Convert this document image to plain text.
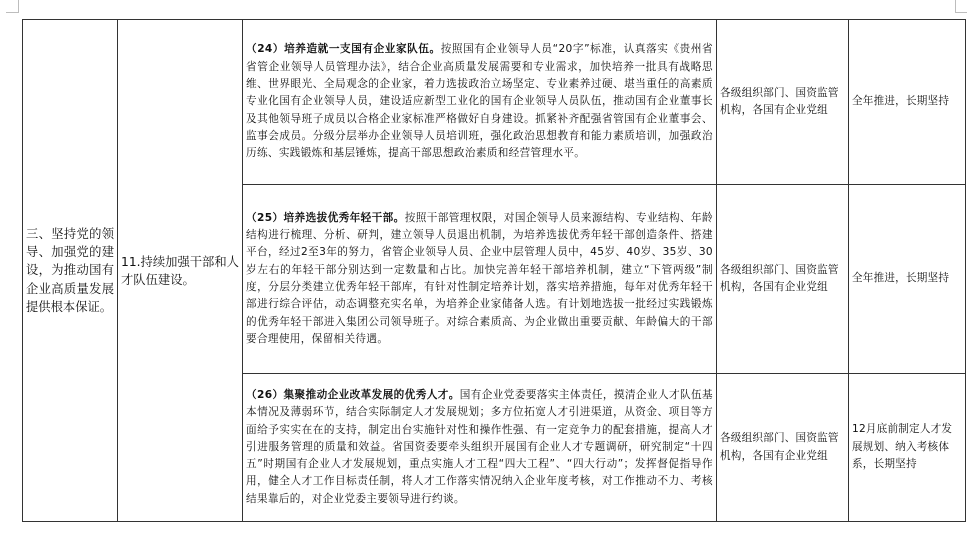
三、坚持党的领导、加强党的建设，为推动国有企业高质量发展提供根本保证。	11.持续加强干部和人才队伍建设。	（24）培养造就一支国有企业家队伍。按照国有企业领导人员“20字”标准，认真落实《贵州省省管企业领导人员管理办法》，结合企业高质量发展需要和专业需求，加快培养一批具有战略思维、世界眼光、全局观念的企业家，着力选拔政治立场坚定、专业素养过硬、堪当重任的高素质专业化国有企业领导人员，建设适应新型工业化的国有企业领导人员队伍，推动国有企业董事长及其他领导班子成员以合格企业家标准严格做好自身建设。抓紧补齐配强省管国有企业董事会、监事会成员。分级分层举办企业领导人员培训班，强化政治思想教育和能力素质培训，加强政治历练、实践锻炼和基层锤炼，提高干部思想政治素质和经营管理水平。	各级组织部门、国资监管机构，各国有企业党组	全年推进，长期坚持
		（25）培养选拔优秀年轻干部。按照干部管理权限，对国企领导人员来源结构、专业结构、年龄结构进行梳理、分析、研判，建立领导人员退出机制，为培养选拔优秀年轻干部创造条件、搭建平台，经过2至3年的努力，省管企业领导人员、企业中层管理人员中，45岁、40岁、35岁、30岁左右的年轻干部分别达到一定数量和占比。加快完善年轻干部培养机制，建立“下管两级”制度，分层分类建立优秀年轻干部库，有针对性制定培养计划，落实培养措施，每年对优秀年轻干部进行综合评估，动态调整充实名单，为培养企业家储备人选。有计划地选拔一批经过实践锻炼的优秀年轻干部进入集团公司领导班子。对综合素质高、为企业做出重要贡献、年龄偏大的干部要合理使用，保留相关待遇。	各级组织部门、国资监管机构，各国有企业党组	全年推进，长期坚持
		（26）集聚推动企业改革发展的优秀人才。国有企业党委要落实主体责任，摸清企业人才队伍基本情况及薄弱环节，结合实际制定人才发展规划；多方位拓宽人才引进渠道，从资金、项目等方面给予实实在在的支持，制定出台实施针对性和操作性强、有一定竞争力的配套措施，提高人才引进服务管理的质量和效益。省国资委要牵头组织开展国有企业人才专题调研，研究制定“十四五”时期国有企业人才发展规划，重点实施人才工程“四大工程”、“四大行动”；发挥督促指导作用，健全人才工作目标责任制，将人才工作落实情况纳入企业年度考核，对工作推动不力、考核结果靠后的，对企业党委主要领导进行约谈。	各级组织部门、国资监管机构，各国有企业党组	12月底前制定人才发展规划、纳入考核体系，长期坚持
